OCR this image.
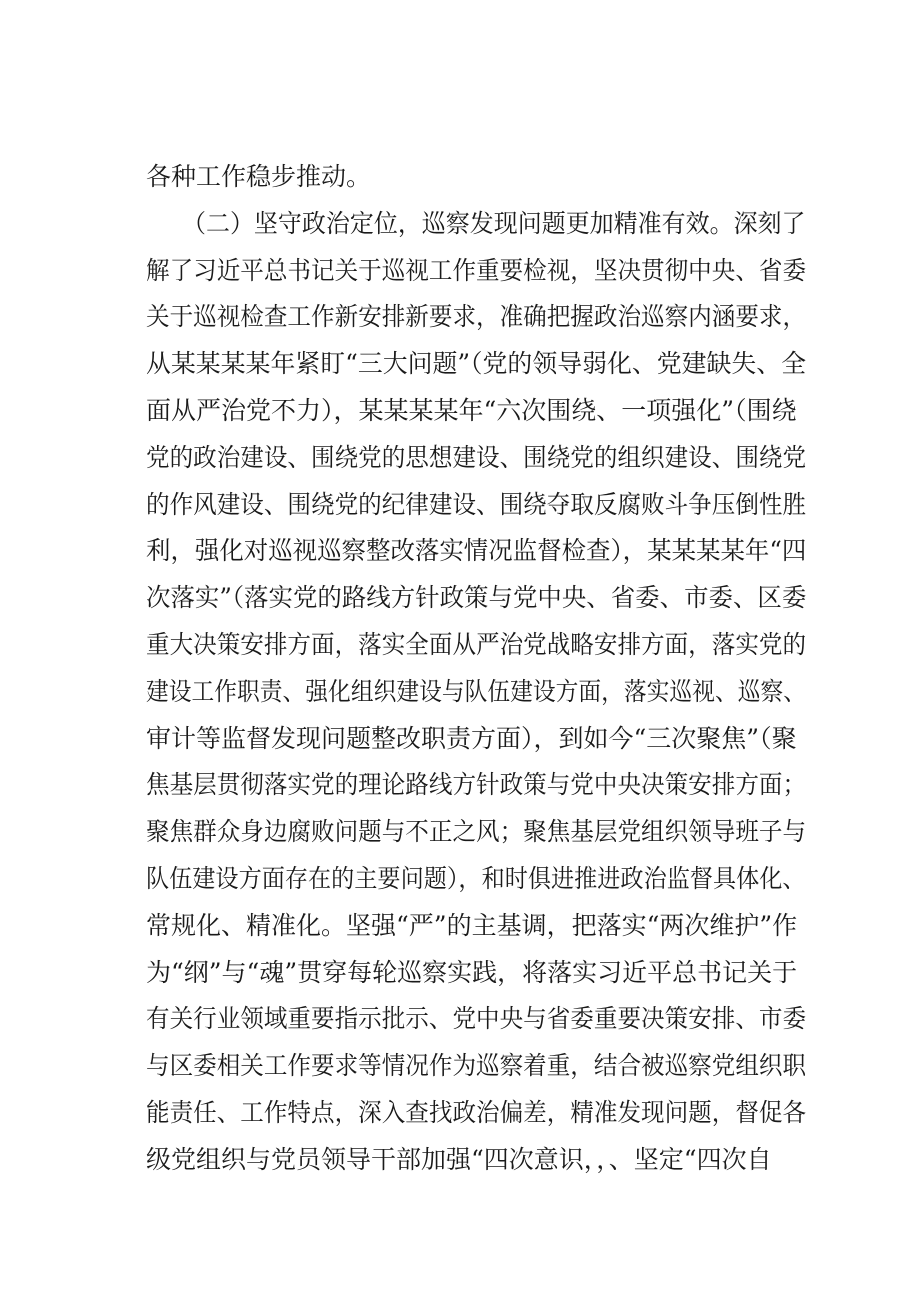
各种工作稳步推动。
　　（二）坚守政治定位，巡察发现问题更加精准有效。深刻了
解了习近平总书记关于巡视工作重要检视，坚决贯彻中央、省委
关于巡视检查工作新安排新要求，准确把握政治巡察内涵要求，
从某某某某年紧盯“三大问题”（党的领导弱化、党建缺失、全
面从严治党不力），某某某某年“六次围绕、一项强化”（围绕
党的政治建设、围绕党的思想建设、围绕党的组织建设、围绕党
的作风建设、围绕党的纪律建设、围绕夺取反腐败斗争压倒性胜
利，强化对巡视巡察整改落实情况监督检查），某某某某年“四
次落实”（落实党的路线方针政策与党中央、省委、市委、区委
重大决策安排方面，落实全面从严治党战略安排方面，落实党的
建设工作职责、强化组织建设与队伍建设方面，落实巡视、巡察、
审计等监督发现问题整改职责方面），到如今“三次聚焦”（聚
焦基层贯彻落实党的理论路线方针政策与党中央决策安排方面；
聚焦群众身边腐败问题与不正之风；聚焦基层党组织领导班子与
队伍建设方面存在的主要问题），和时俱进推进政治监督具体化、
常规化、精准化。坚强“严”的主基调，把落实“两次维护”作
为“纲”与“魂”贯穿每轮巡察实践，将落实习近平总书记关于
有关行业领域重要指示批示、党中央与省委重要决策安排、市委
与区委相关工作要求等情况作为巡察着重，结合被巡察党组织职
能责任、工作特点，深入查找政治偏差，精准发现问题，督促各
级党组织与党员领导干部加强“四次意识，，、坚定“四次自
